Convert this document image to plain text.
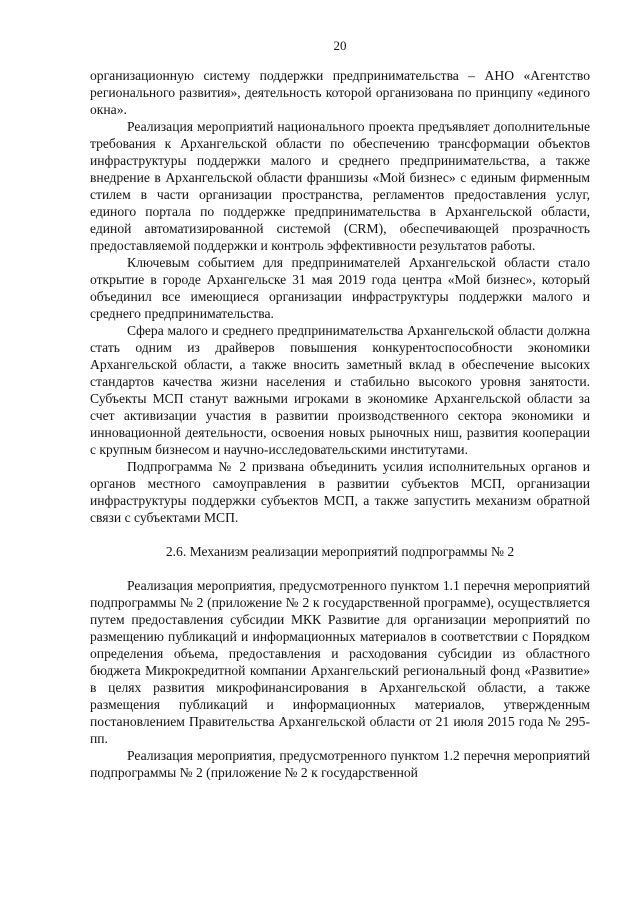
20

организационную систему поддержки предпринимательства – АНО «Агентство регионального развития», деятельность которой организована по принципу «единого окна».

Реализация мероприятий национального проекта предъявляет дополнительные требования к Архангельской области по обеспечению трансформации объектов инфраструктуры поддержки малого и среднего предпринимательства, а также внедрение в Архангельской области франшизы «Мой бизнес» с единым фирменным стилем в части организации пространства, регламентов предоставления услуг, единого портала по поддержке предпринимательства в Архангельской области, единой автоматизированной системой (CRM), обеспечивающей прозрачность предоставляемой поддержки и контроль эффективности результатов работы.

Ключевым событием для предпринимателей Архангельской области стало открытие в городе Архангельске 31 мая 2019 года центра «Мой бизнес», который объединил все имеющиеся организации инфраструктуры поддержки малого и среднего предпринимательства.

Сфера малого и среднего предпринимательства Архангельской области должна стать одним из драйверов повышения конкурентоспособности экономики Архангельской области, а также вносить заметный вклад в обеспечение высоких стандартов качества жизни населения и стабильно высокого уровня занятости. Субъекты МСП станут важными игроками в экономике Архангельской области за счет активизации участия в развитии производственного сектора экономики и инновационной деятельности, освоения новых рыночных ниш, развития кооперации с крупным бизнесом и научно-исследовательскими институтами.

Подпрограмма № 2 призвана объединить усилия исполнительных органов и органов местного самоуправления в развитии субъектов МСП, организации инфраструктуры поддержки субъектов МСП, а также запустить механизм обратной связи с субъектами МСП.

2.6. Механизм реализации мероприятий подпрограммы № 2

Реализация мероприятия, предусмотренного пунктом 1.1 перечня мероприятий подпрограммы № 2 (приложение № 2 к государственной программе), осуществляется путем предоставления субсидии МКК Развитие для организации мероприятий по размещению публикаций и информационных материалов в соответствии с Порядком определения объема, предоставления и расходования субсидии из областного бюджета Микрокредитной компании Архангельский региональный фонд «Развитие» в целях развития микрофинансирования в Архангельской области, а также размещения публикаций и информационных материалов, утвержденным постановлением Правительства Архангельской области от 21 июля 2015 года № 295-пп.

Реализация мероприятия, предусмотренного пунктом 1.2 перечня мероприятий подпрограммы № 2 (приложение № 2 к государственной
